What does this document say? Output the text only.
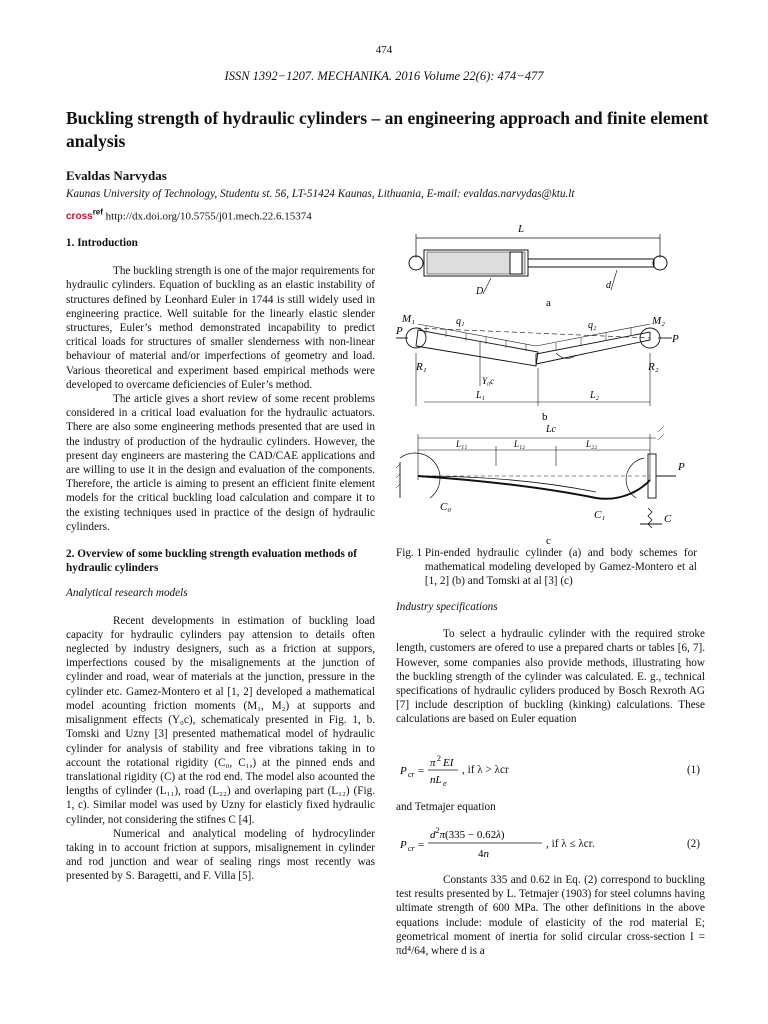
474
ISSN 1392−1207. MECHANIKA. 2016 Volume 22(6): 474−477
Buckling strength of hydraulic cylinders – an engineering approach and finite element analysis
Evaldas Narvydas
Kaunas University of Technology, Studentu st. 56, LT-51424 Kaunas, Lithuania, E-mail: evaldas.narvydas@ktu.lt
cross$^{ref}$ http://dx.doi.org/10.5755/j01.mech.22.6.15374
1. Introduction

The buckling strength is one of the major requirements for hydraulic cylinders. Equation of buckling as an elastic instability of structures defined by Leonhard Euler in 1744 is still widely used in engineering practice. Well suitable for the linearly elastic slender structures, Euler’s method demonstrated incapability to predict critical loads for structures of smaller slenderness with non-linear behaviour of material and/or imperfections of geometry and load. Various theoretical and experiment based empirical methods were developed to overcame deficiencies of Euler’s method.

The article gives a short review of some recent problems considered in a critical load evaluation for the hydraulic actuators. There are also some engineering methods presented that are used in the industry of production of the hydraulic cylinders. However, the present day engineers are mastering the CAD/CAE applications and are willing to use it in the design and evaluation of the components. Therefore, the article is aiming to present an efficient finite element models for the critical buckling load calculation and compare it to the existing techniques used in practice of the design of hydraulic cylinders.

2. Overview of some buckling strength evaluation methods of hydraulic cylinders
Analytical research models

Recent developments in estimation of buckling load capacity for hydraulic cylinders pay attension to details often neglected by industry designers, such as a friction at suppors, imperfections coused by the misalignements at the junction of cylinder and road, wear of materials at the junction, pressure in the cylinder etc. Gamez-Montero et al [1, 2] developed a mathematical model acounting friction moments (M₁, M₂) at supports and misalignment effects (Y₀c), schematicaly presented in Fig. 1, b. Tomski and Uzny [3] presented mathematical model of hydraulic cylinder for analysis of stability and free vibrations taking in to account the rotational rigidity (C₀, C₁,) at the pinned ends and translational rigidity (C) at the rod end. The model also acounted the lengths of cylinder (L₁₁), road (L₂₂) and overlaping part (L₁₂) (Fig. 1, c). Similar model was used by Uzny for elasticly fixed hydraulic cylinder, not considering the stifnes C [4].

Numerical and analytical modeling of hydrocylinder taking in to account friction at suppors, misalignement in cylinder and rod junction and wear of sealing rings most recently was presented by S. Baragetti, and F. Villa [5].

L
D
d
a
M₁	M₂
P
P
q₁	q₂
R₁	R₂
Y₀c
L₁	L₂
b
Lc
L₁₁	L₁₂	L₂₂
P
C₀
C₁	C
c
Fig. 1 Pin-ended hydraulic cylinder (a) and body schemes for mathematical modeling developed by Gamez-Montero et al [1, 2] (b) and Tomski at al [3] (c)
Industry specifications

To select a hydraulic cylinder with the required stroke length, customers are ofered to use a prepared charts or tables [6, 7]. However, some companies also provide methods, illustrating how the buckling strength of the cylinder was calculated. E. g., technical specifications of hydraulic cyliders produced by Bosch Rexroth AG [7] include description of buckling (kinking) calculations. These calculations are based on Euler equation

P cr =
π 2 EI
nL e
, if λ > λcr	(1)
and Tetmajer equation
P cr =
$d^2\pi(335 - 0.62\lambda)$
4n
, if λ ≤ λcr.	(2)

Constants 335 and 0.62 in Eq. (2) correspond to buckling test results presented by L. Tetmajer (1903) for steel columns having ultimate strength of 600 MPa. The other definitions in the above equations include: module of elasticity of the rod material E; geometrical moment of inertia for solid circular cross-section I = πd⁴/64, where d is a
